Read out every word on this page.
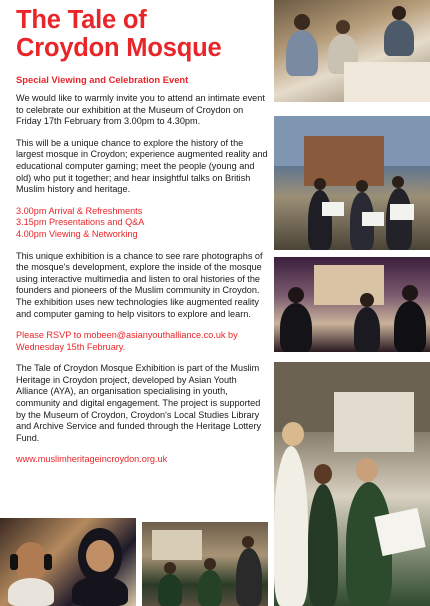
The Tale of
Croydon Mosque
Special Viewing and Celebration Event

We would like to warmly invite you to attend an intimate event to celebrate our exhibition at the Museum of Croydon on Friday 17th February from 3.00pm to 4.30pm.

This will be a unique chance to explore the history of the largest mosque in Croydon; experience augmented reality and educational computer gaming; meet the people (young and old) who put it together; and hear insightful talks on British Muslim history and heritage.

3.00pm Arrival & Refreshments
3.15pm Presentations and Q&A
4.00pm Viewing & Networking

This unique exhibition is a chance to see rare photographs of the mosque's development, explore the inside of the mosque using interactive multimedia and listen to oral histories of the founders and pioneers of the Muslim community in Croydon. The exhibition uses new technologies like augmented reality and computer gaming to help visitors to explore and learn.

Please RSVP to mobeen@asianyouthalliance.co.uk by Wednesday 15th February.

The Tale of Croydon Mosque Exhibition is part of the Muslim Heritage in Croydon project, developed by Asian Youth Alliance (AYA), an organisation specialising in youth, community and digital engagement. The project is supported by the Museum of Croydon, Croydon's Local Studies Library and Archive Service and funded through the Heritage Lottery Fund.

www.muslimheritageincroydon.org.uk
